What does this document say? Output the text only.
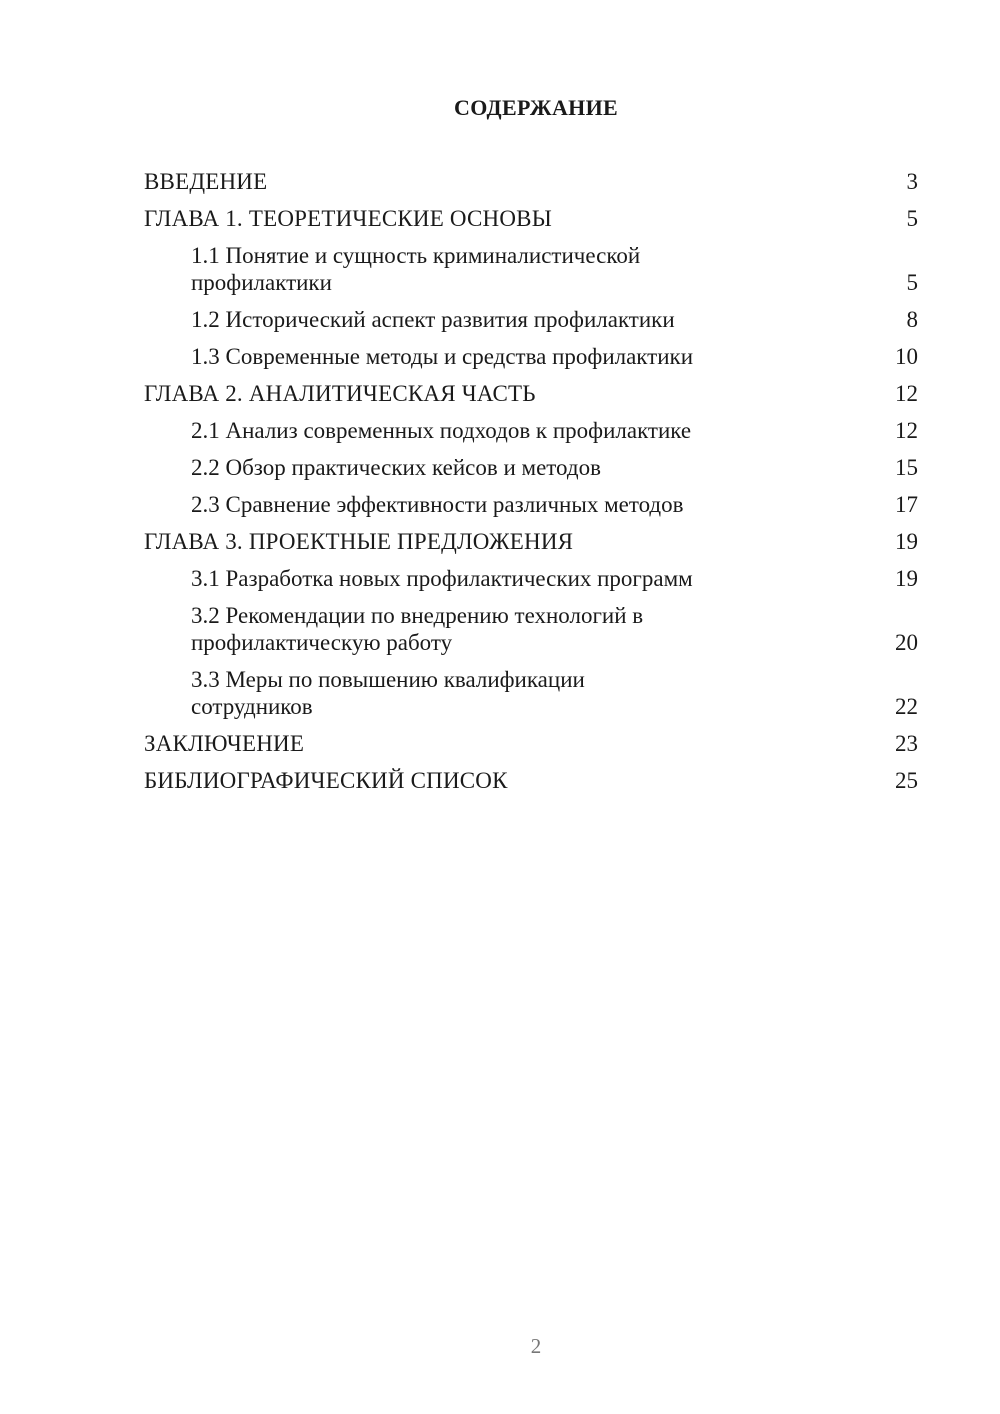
СОДЕРЖАНИЕ
ВВЕДЕНИЕ	3
ГЛАВА 1. ТЕОРЕТИЧЕСКИЕ ОСНОВЫ	5
1.1 Понятие и сущность криминалистической профилактики	5
1.2 Исторический аспект развития профилактики	8
1.3 Современные методы и средства профилактики	10
ГЛАВА 2. АНАЛИТИЧЕСКАЯ ЧАСТЬ	12
2.1 Анализ современных подходов к профилактике	12
2.2 Обзор практических кейсов и методов	15
2.3 Сравнение эффективности различных методов	17
ГЛАВА 3. ПРОЕКТНЫЕ ПРЕДЛОЖЕНИЯ	19
3.1 Разработка новых профилактических программ	19
3.2 Рекомендации по внедрению технологий в профилактическую работу	20
3.3 Меры по повышению квалификации сотрудников	22
ЗАКЛЮЧЕНИЕ	23
БИБЛИОГРАФИЧЕСКИЙ СПИСОК	25
2
